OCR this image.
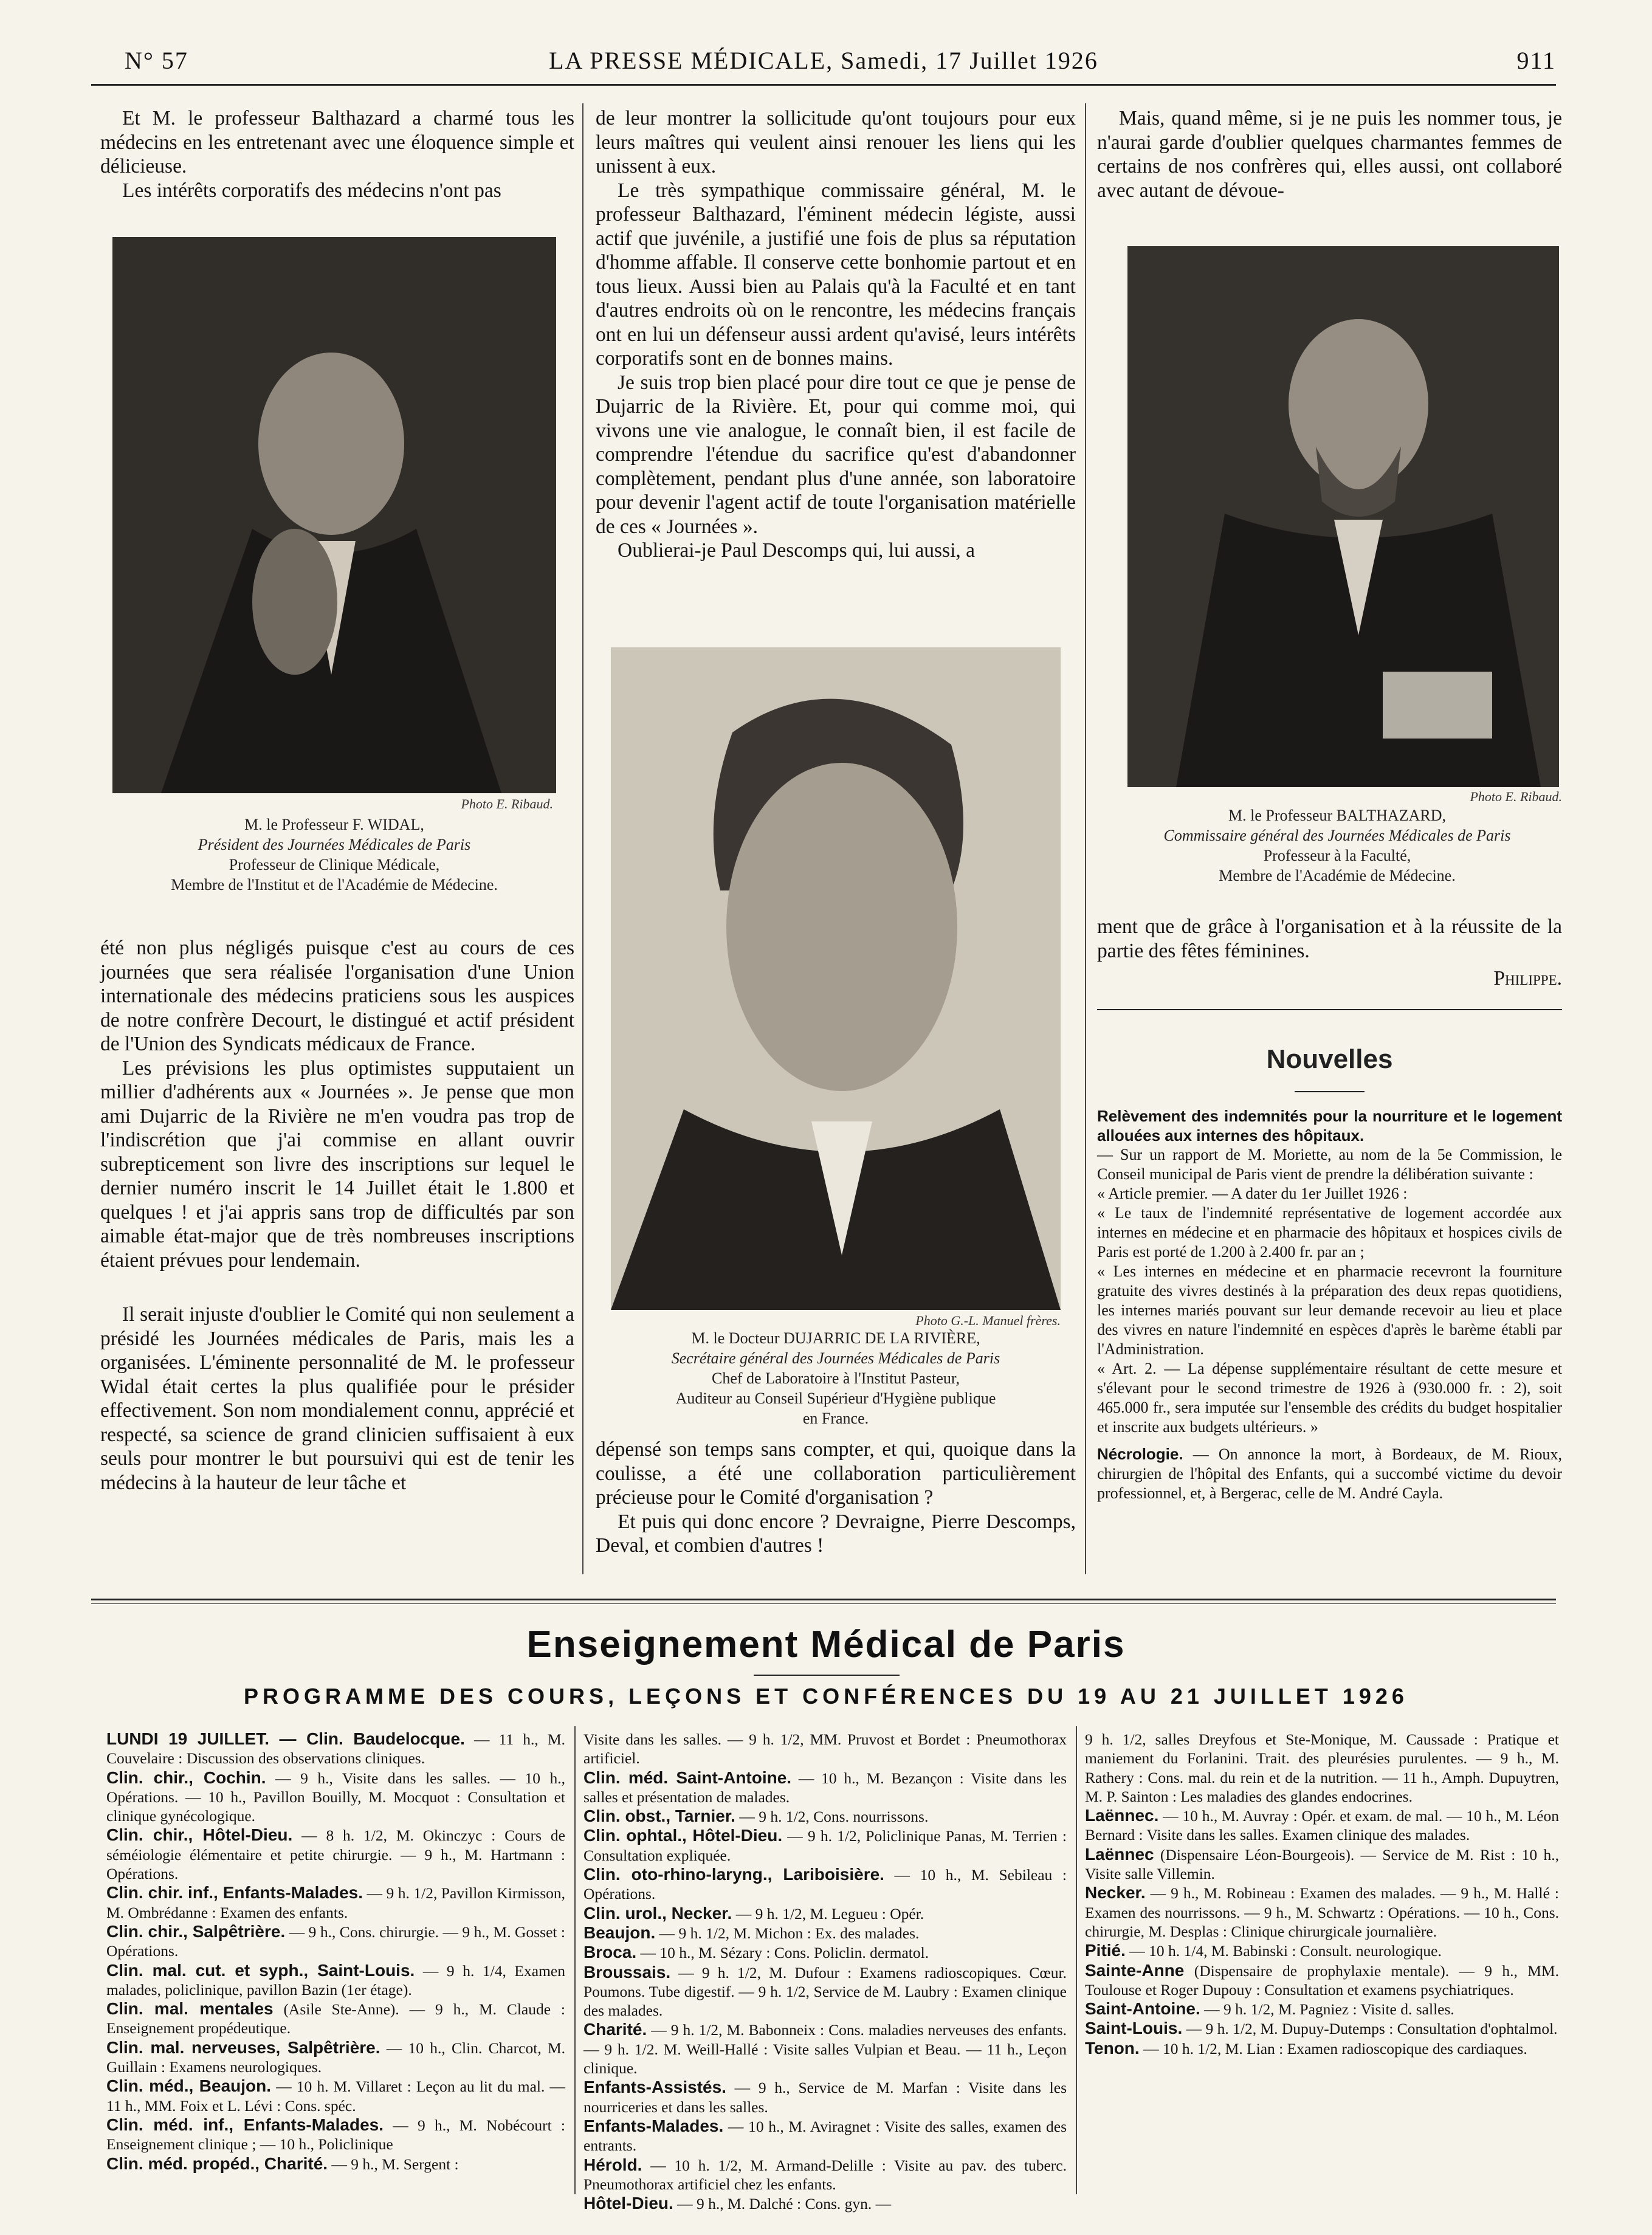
N° 57	LA PRESSE MÉDICALE, Samedi, 17 Juillet 1926	911

Et M. le professeur Balthazard a charmé tous les médecins en les entretenant avec une éloquence simple et délicieuse.

Les intérêts corporatifs des médecins n'ont pas

Photo E. Ribaud.
M. le Professeur F. WIDAL,
Président des Journées Médicales de Paris
Professeur de Clinique Médicale,
Membre de l'Institut et de l'Académie de Médecine.

été non plus négligés puisque c'est au cours de ces journées que sera réalisée l'organisation d'une Union internationale des médecins praticiens sous les auspices de notre confrère Decourt, le distingué et actif président de l'Union des Syndicats médicaux de France.

Les prévisions les plus optimistes supputaient un millier d'adhérents aux « Journées ». Je pense que mon ami Dujarric de la Rivière ne m'en voudra pas trop de l'indiscrétion que j'ai commise en allant ouvrir subrepticement son livre des inscriptions sur lequel le dernier numéro inscrit le 14 Juillet était le 1.800 et quelques ! et j'ai appris sans trop de difficultés par son aimable état-major que de très nombreuses inscriptions étaient prévues pour lendemain.

Il serait injuste d'oublier le Comité qui non seulement a présidé les Journées médicales de Paris, mais les a organisées. L'éminente personnalité de M. le professeur Widal était certes la plus qualifiée pour le présider effectivement. Son nom mondialement connu, apprécié et respecté, sa science de grand clinicien suffisaient à eux seuls pour montrer le but poursuivi qui est de tenir les médecins à la hauteur de leur tâche et

de leur montrer la sollicitude qu'ont toujours pour eux leurs maîtres qui veulent ainsi renouer les liens qui les unissent à eux.

Le très sympathique commissaire général, M. le professeur Balthazard, l'éminent médecin légiste, aussi actif que juvénile, a justifié une fois de plus sa réputation d'homme affable. Il conserve cette bonhomie partout et en tous lieux. Aussi bien au Palais qu'à la Faculté et en tant d'autres endroits où on le rencontre, les médecins français ont en lui un défenseur aussi ardent qu'avisé, leurs intérêts corporatifs sont en de bonnes mains.

Je suis trop bien placé pour dire tout ce que je pense de Dujarric de la Rivière. Et, pour qui comme moi, qui vivons une vie analogue, le connaît bien, il est facile de comprendre l'étendue du sacrifice qu'est d'abandonner complètement, pendant plus d'une année, son laboratoire pour devenir l'agent actif de toute l'organisation matérielle de ces « Journées ».

Oublierai-je Paul Descomps qui, lui aussi, a

Photo G.-L. Manuel frères.
M. le Docteur DUJARRIC DE LA RIVIÈRE,
Secrétaire général des Journées Médicales de Paris
Chef de Laboratoire à l'Institut Pasteur,
Auditeur au Conseil Supérieur d'Hygiène publique
en France.

dépensé son temps sans compter, et qui, quoique dans la coulisse, a été une collaboration particulièrement précieuse pour le Comité d'organisation ?

Et puis qui donc encore ? Devraigne, Pierre Descomps, Deval, et combien d'autres !

Mais, quand même, si je ne puis les nommer tous, je n'aurai garde d'oublier quelques charmantes femmes de certains de nos confrères qui, elles aussi, ont collaboré avec autant de dévoue-

Photo E. Ribaud.
M. le Professeur BALTHAZARD,
Commissaire général des Journées Médicales de Paris
Professeur à la Faculté,
Membre de l'Académie de Médecine.

ment que de grâce à l'organisation et à la réussite de la partie des fêtes féminines.

Philippe.
Nouvelles

Relèvement des indemnités pour la nourriture et le logement allouées aux internes des hôpitaux.

— Sur un rapport de M. Moriette, au nom de la 5e Commission, le Conseil municipal de Paris vient de prendre la délibération suivante :

« Article premier. — A dater du 1er Juillet 1926 :

« Le taux de l'indemnité représentative de logement accordée aux internes en médecine et en pharmacie des hôpitaux et hospices civils de Paris est porté de 1.200 à 2.400 fr. par an ;

« Les internes en médecine et en pharmacie recevront la fourniture gratuite des vivres destinés à la préparation des deux repas quotidiens, les internes mariés pouvant sur leur demande recevoir au lieu et place des vivres en nature l'indemnité en espèces d'après le barème établi par l'Administration.

« Art. 2. — La dépense supplémentaire résultant de cette mesure et s'élevant pour le second trimestre de 1926 à (930.000 fr. : 2), soit 465.000 fr., sera imputée sur l'ensemble des crédits du budget hospitalier et inscrite aux budgets ultérieurs. »

Nécrologie. — On annonce la mort, à Bordeaux, de M. Rioux, chirurgien de l'hôpital des Enfants, qui a succombé victime du devoir professionnel, et, à Bergerac, celle de M. André Cayla.

Enseignement Médical de Paris
PROGRAMME DES COURS, LEÇONS ET CONFÉRENCES DU 19 AU 21 JUILLET 1926

LUNDI 19 JUILLET. — Clin. Baudelocque. — 11 h., M. Couvelaire : Discussion des observations cliniques.

Clin. chir., Cochin. — 9 h., Visite dans les salles. — 10 h., Opérations. — 10 h., Pavillon Bouilly, M. Mocquot : Consultation et clinique gynécologique.

Clin. chir., Hôtel-Dieu. — 8 h. 1/2, M. Okinczyc : Cours de séméiologie élémentaire et petite chirurgie. — 9 h., M. Hartmann : Opérations.

Clin. chir. inf., Enfants-Malades. — 9 h. 1/2, Pavillon Kirmisson, M. Ombrédanne : Examen des enfants.

Clin. chir., Salpêtrière. — 9 h., Cons. chirurgie. — 9 h., M. Gosset : Opérations.

Clin. mal. cut. et syph., Saint-Louis. — 9 h. 1/4, Examen malades, policlinique, pavillon Bazin (1er étage).

Clin. mal. mentales (Asile Ste-Anne). — 9 h., M. Claude : Enseignement propédeutique.

Clin. mal. nerveuses, Salpêtrière. — 10 h., Clin. Charcot, M. Guillain : Examens neurologiques.

Clin. méd., Beaujon. — 10 h. M. Villaret : Leçon au lit du mal. — 11 h., MM. Foix et L. Lévi : Cons. spéc.

Clin. méd. inf., Enfants-Malades. — 9 h., M. Nobécourt : Enseignement clinique ; — 10 h., Policlinique

Clin. méd. propéd., Charité. — 9 h., M. Sergent :

Visite dans les salles. — 9 h. 1/2, MM. Pruvost et Bordet : Pneumothorax artificiel.

Clin. méd. Saint-Antoine. — 10 h., M. Bezançon : Visite dans les salles et présentation de malades.

Clin. obst., Tarnier. — 9 h. 1/2, Cons. nourrissons.

Clin. ophtal., Hôtel-Dieu. — 9 h. 1/2, Policlinique Panas, M. Terrien : Consultation expliquée.

Clin. oto-rhino-laryng., Lariboisière. — 10 h., M. Sebileau : Opérations.

Clin. urol., Necker. — 9 h. 1/2, M. Legueu : Opér.

Beaujon. — 9 h. 1/2, M. Michon : Ex. des malades.

Broca. — 10 h., M. Sézary : Cons. Policlin. dermatol.

Broussais. — 9 h. 1/2, M. Dufour : Examens radioscopiques. Cœur. Poumons. Tube digestif. — 9 h. 1/2, Service de M. Laubry : Examen clinique des malades.

Charité. — 9 h. 1/2, M. Babonneix : Cons. maladies nerveuses des enfants. — 9 h. 1/2. M. Weill-Hallé : Visite salles Vulpian et Beau. — 11 h., Leçon clinique.

Enfants-Assistés. — 9 h., Service de M. Marfan : Visite dans les nourriceries et dans les salles.

Enfants-Malades. — 10 h., M. Aviragnet : Visite des salles, examen des entrants.

Hérold. — 10 h. 1/2, M. Armand-Delille : Visite au pav. des tuberc. Pneumothorax artificiel chez les enfants.

Hôtel-Dieu. — 9 h., M. Dalché : Cons. gyn. —

9 h. 1/2, salles Dreyfous et Ste-Monique, M. Caussade : Pratique et maniement du Forlanini. Trait. des pleurésies purulentes. — 9 h., M. Rathery : Cons. mal. du rein et de la nutrition. — 11 h., Amph. Dupuytren, M. P. Sainton : Les maladies des glandes endocrines.

Laënnec. — 10 h., M. Auvray : Opér. et exam. de mal. — 10 h., M. Léon Bernard : Visite dans les salles. Examen clinique des malades.

Laënnec (Dispensaire Léon-Bourgeois). — Service de M. Rist : 10 h., Visite salle Villemin.

Necker. — 9 h., M. Robineau : Examen des malades. — 9 h., M. Hallé : Examen des nourrissons. — 9 h., M. Schwartz : Opérations. — 10 h., Cons. chirurgie, M. Desplas : Clinique chirurgicale journalière.

Pitié. — 10 h. 1/4, M. Babinski : Consult. neurologique.

Sainte-Anne (Dispensaire de prophylaxie mentale). — 9 h., MM. Toulouse et Roger Dupouy : Consultation et examens psychiatriques.

Saint-Antoine. — 9 h. 1/2, M. Pagniez : Visite d. salles.

Saint-Louis. — 9 h. 1/2, M. Dupuy-Dutemps : Consultation d'ophtalmol.

Tenon. — 10 h. 1/2, M. Lian : Examen radioscopique des cardiaques.
